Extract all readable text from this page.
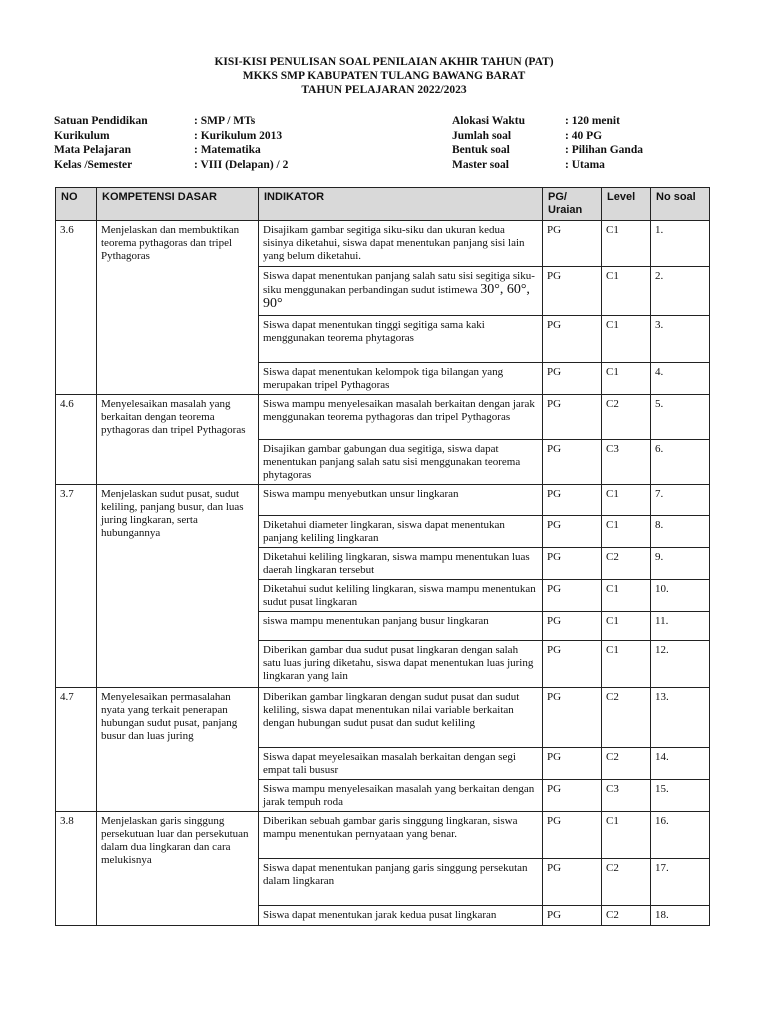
KISI-KISI PENULISAN SOAL PENILAIAN AKHIR TAHUN (PAT)
MKKS SMP KABUPATEN TULANG BAWANG BARAT
TAHUN PELAJARAN 2022/2023
Satuan Pendidikan	: SMP / MTs
Kurikulum	: Kurikulum 2013
Mata Pelajaran	: Matematika
Kelas /Semester	: VIII (Delapan) / 2
Alokasi Waktu	: 120 menit
Jumlah soal	: 40 PG
Bentuk soal	: Pilihan Ganda
Master soal	: Utama
NO	KOMPETENSI DASAR	INDIKATOR	PG/ Uraian	Level	No soal
3.6	Menjelaskan dan membuktikan teorema pythagoras dan tripel Pythagoras	Disajikam gambar segitiga siku-siku dan ukuran kedua sisinya diketahui, siswa dapat menentukan panjang sisi lain yang belum diketahui.	PG	C1	1.
		Siswa dapat menentukan panjang salah satu sisi segitiga siku-siku menggunakan perbandingan sudut istimewa 30°, 60°, 90°	PG	C1	2.
		Siswa dapat menentukan tinggi segitiga sama kaki menggunakan teorema phytagoras	PG	C1	3.
		Siswa dapat menentukan kelompok tiga bilangan yang merupakan tripel Pythagoras	PG	C1	4.
4.6	Menyelesaikan masalah yang berkaitan dengan teorema pythagoras dan tripel Pythagoras	Siswa mampu menyelesaikan masalah berkaitan dengan jarak menggunakan teorema pythagoras dan tripel Pythagoras	PG	C2	5.
		Disajikan gambar gabungan dua segitiga, siswa dapat menentukan panjang salah satu sisi menggunakan teorema phytagoras	PG	C3	6.
3.7	Menjelaskan sudut pusat, sudut keliling, panjang busur, dan luas juring lingkaran, serta hubungannya	Siswa mampu menyebutkan unsur lingkaran	PG	C1	7.
		Diketahui diameter lingkaran, siswa dapat menentukan panjang keliling lingkaran	PG	C1	8.
		Diketahui keliling lingkaran, siswa mampu menentukan luas daerah lingkaran tersebut	PG	C2	9.
		Diketahui sudut keliling lingkaran, siswa mampu menentukan sudut pusat lingkaran	PG	C1	10.
		siswa mampu menentukan panjang busur lingkaran	PG	C1	11.
		Diberikan gambar dua sudut pusat lingkaran dengan salah satu luas juring diketahu, siswa dapat menentukan luas juring lingkaran yang lain	PG	C1	12.
4.7	Menyelesaikan permasalahan nyata yang terkait penerapan hubungan sudut pusat, panjang busur dan luas juring	Diberikan gambar lingkaran dengan sudut pusat dan sudut keliling, siswa dapat menentukan nilai variable berkaitan dengan hubungan sudut pusat dan sudut keliling	PG	C2	13.
		Siswa dapat meyelesaikan masalah berkaitan dengan segi empat tali bususr	PG	C2	14.
		Siswa mampu menyelesaikan masalah yang berkaitan dengan jarak tempuh roda	PG	C3	15.
3.8	Menjelaskan garis singgung persekutuan luar dan persekutuan dalam dua lingkaran dan cara melukisnya	Diberikan sebuah gambar garis singgung lingkaran, siswa mampu menentukan pernyataan yang benar.	PG	C1	16.
		Siswa dapat menentukan panjang garis singgung persekutan dalam lingkaran	PG	C2	17.
		Siswa dapat menentukan jarak kedua pusat lingkaran	PG	C2	18.
